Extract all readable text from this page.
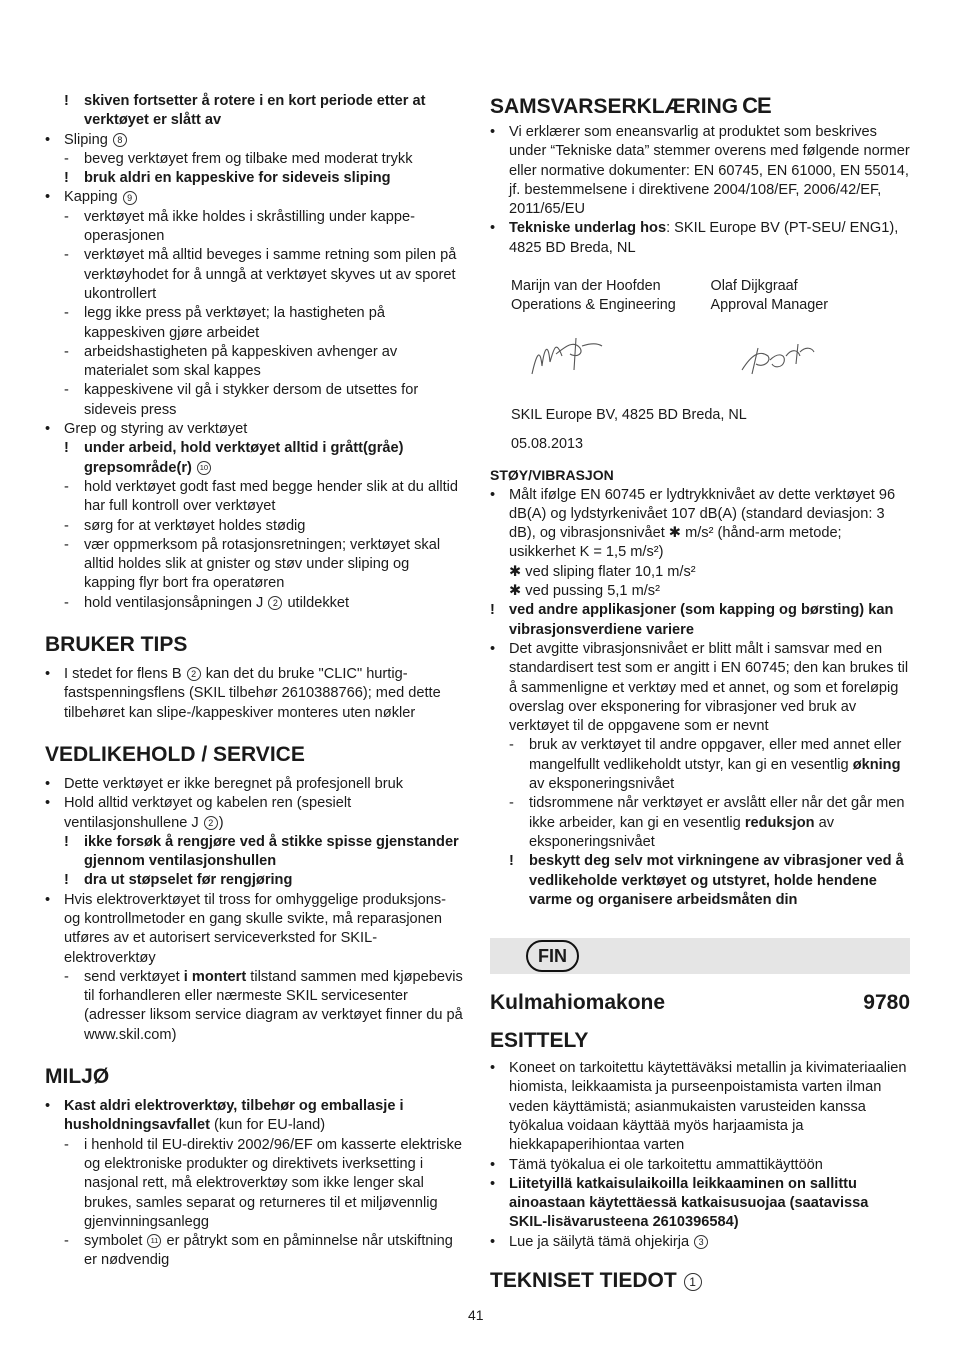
!	skiven fortsetter å rotere i en kort periode etter at verktøyet er slått av
• Sliping 8
-	beveg verktøyet frem og tilbake med moderat trykk
!	bruk aldri en kappeskive for sideveis sliping
• Kapping 9
-	verktøyet må ikke holdes i skråstilling under kappe-operasjonen
-	verktøyet må alltid beveges i samme retning som pilen på verktøyhodet for å unngå at verktøyet skyves ut av sporet ukontrollert
-	legg ikke press på verktøyet; la hastigheten på kappeskiven gjøre arbeidet
-	arbeidshastigheten på kappeskiven avhenger av materialet som skal kappes
-	kappeskivene vil gå i stykker dersom de utsettes for sideveis press
• Grep og styring av verktøyet
!	under arbeid, hold verktøyet alltid i grått(gråe) grepsområde(r) 10
-	hold verktøyet godt fast med begge hender slik at du alltid har full kontroll over verktøyet
-	sørg for at verktøyet holdes stødig
-	vær oppmerksom på rotasjonsretningen; verktøyet skal alltid holdes slik at gnister og støv under sliping og kapping flyr bort fra operatøren
-	hold ventilasjonsåpningen J 2 utildekket
BRUKER TIPS
• I stedet for flens B 2 kan det du bruke "CLIC" hurtig-fastspenningsflens (SKIL tilbehør 2610388766); med dette tilbehøret kan slipe-/kappeskiver monteres uten nøkler
VEDLIKEHOLD / SERVICE
• Dette verktøyet er ikke beregnet på profesjonell bruk
• Hold alltid verktøyet og kabelen ren (spesielt ventilasjonshullene J 2 )
!	ikke forsøk å rengjøre ved å stikke spisse gjenstander gjennom ventilasjonshullen
!	dra ut støpselet før rengjøring
• Hvis elektroverktøyet til tross for omhyggelige produksjons- og kontrollmetoder en gang skulle svikte, må reparasjonen utføres av et autorisert serviceverksted for SKIL-elektroverktøy
-	send verktøyet i montert tilstand sammen med kjøpebevis til forhandleren eller nærmeste SKIL servicesenter (adresser liksom service diagram av verktøyet finner du på www.skil.com)
MILJØ
• Kast aldri elektroverktøy, tilbehør og emballasje i husholdningsavfallet (kun for EU-land)
-	i henhold til EU-direktiv 2002/96/EF om kasserte elektriske og elektroniske produkter og direktivets iverksetting i nasjonal rett, må elektroverktøy som ikke lenger skal brukes, samles separat og returneres til et miljøvennlig gjenvinningsanlegg
-	symbolet 11 er påtrykt som en påminnelse når utskiftning er nødvendig
SAMSVARSERKLÆRING CE
• Vi erklærer som eneansvarlig at produktet som beskrives under “Tekniske data” stemmer overens med følgende normer eller normative dokumenter: EN 60745, EN 61000, EN 55014, jf. bestemmelsene i direktivene 2004/108/EF, 2006/42/EF, 2011/65/EU
• Tekniske underlag hos: SKIL Europe BV (PT-SEU/ ENG1), 4825 BD Breda, NL
Marijn van der Hoofden
Operations & Engineering
Olaf Dijkgraaf
Approval Manager
SKIL Europe BV, 4825 BD Breda, NL
05.08.2013
STØY/VIBRASJON
• Målt ifølge EN 60745 er lydtrykknivået av dette verktøyet 96 dB(A) og lydstyrkenivået 107 dB(A) (standard deviasjon: 3 dB), og vibrasjonsnivået ✱ m/s² (hånd-arm metode; usikkerhet K = 1,5 m/s²)
✱ ved sliping flater 10,1 m/s²
✱ ved pussing 5,1 m/s²
! ved andre applikasjoner (som kapping og børsting) kan vibrasjonsverdiene variere
• Det avgitte vibrasjonsnivået er blitt målt i samsvar med en standardisert test som er angitt i EN 60745; den kan brukes til å sammenligne et verktøy med et annet, og som et foreløpig overslag over eksponering for vibrasjoner ved bruk av verktøyet til de oppgavene som er nevnt
-	bruk av verktøyet til andre oppgaver, eller med annet eller mangelfullt vedlikeholdt utstyr, kan gi en vesentlig økning av eksponeringsnivået
-	tidsrommene når verktøyet er avslått eller når det går men ikke arbeider, kan gi en vesentlig reduksjon av eksponeringsnivået
!	beskytt deg selv mot virkningene av vibrasjoner ved å vedlikeholde verktøyet og utstyret, holde hendene varme og organisere arbeidsmåten din
FIN
Kulmahiomakone	9780
ESITTELY
• Koneet on tarkoitettu käytettäväksi metallin ja kivimateriaalien hiomista, leikkaamista ja purseenpoistamista varten ilman veden käyttämistä; asianmukaisten varusteiden kanssa työkalua voidaan käyttää myös harjaamista ja hiekkapaperihiontaa varten
• Tämä työkalua ei ole tarkoitettu ammattikäyttöön
• Liitetyillä katkaisulaikoilla leikkaaminen on sallittu ainoastaan käytettäessä katkaisusuojaa (saatavissa SKIL-lisävarusteena 2610396584)
• Lue ja säilytä tämä ohjekirja 3
TEKNISET TIEDOT 1
41
